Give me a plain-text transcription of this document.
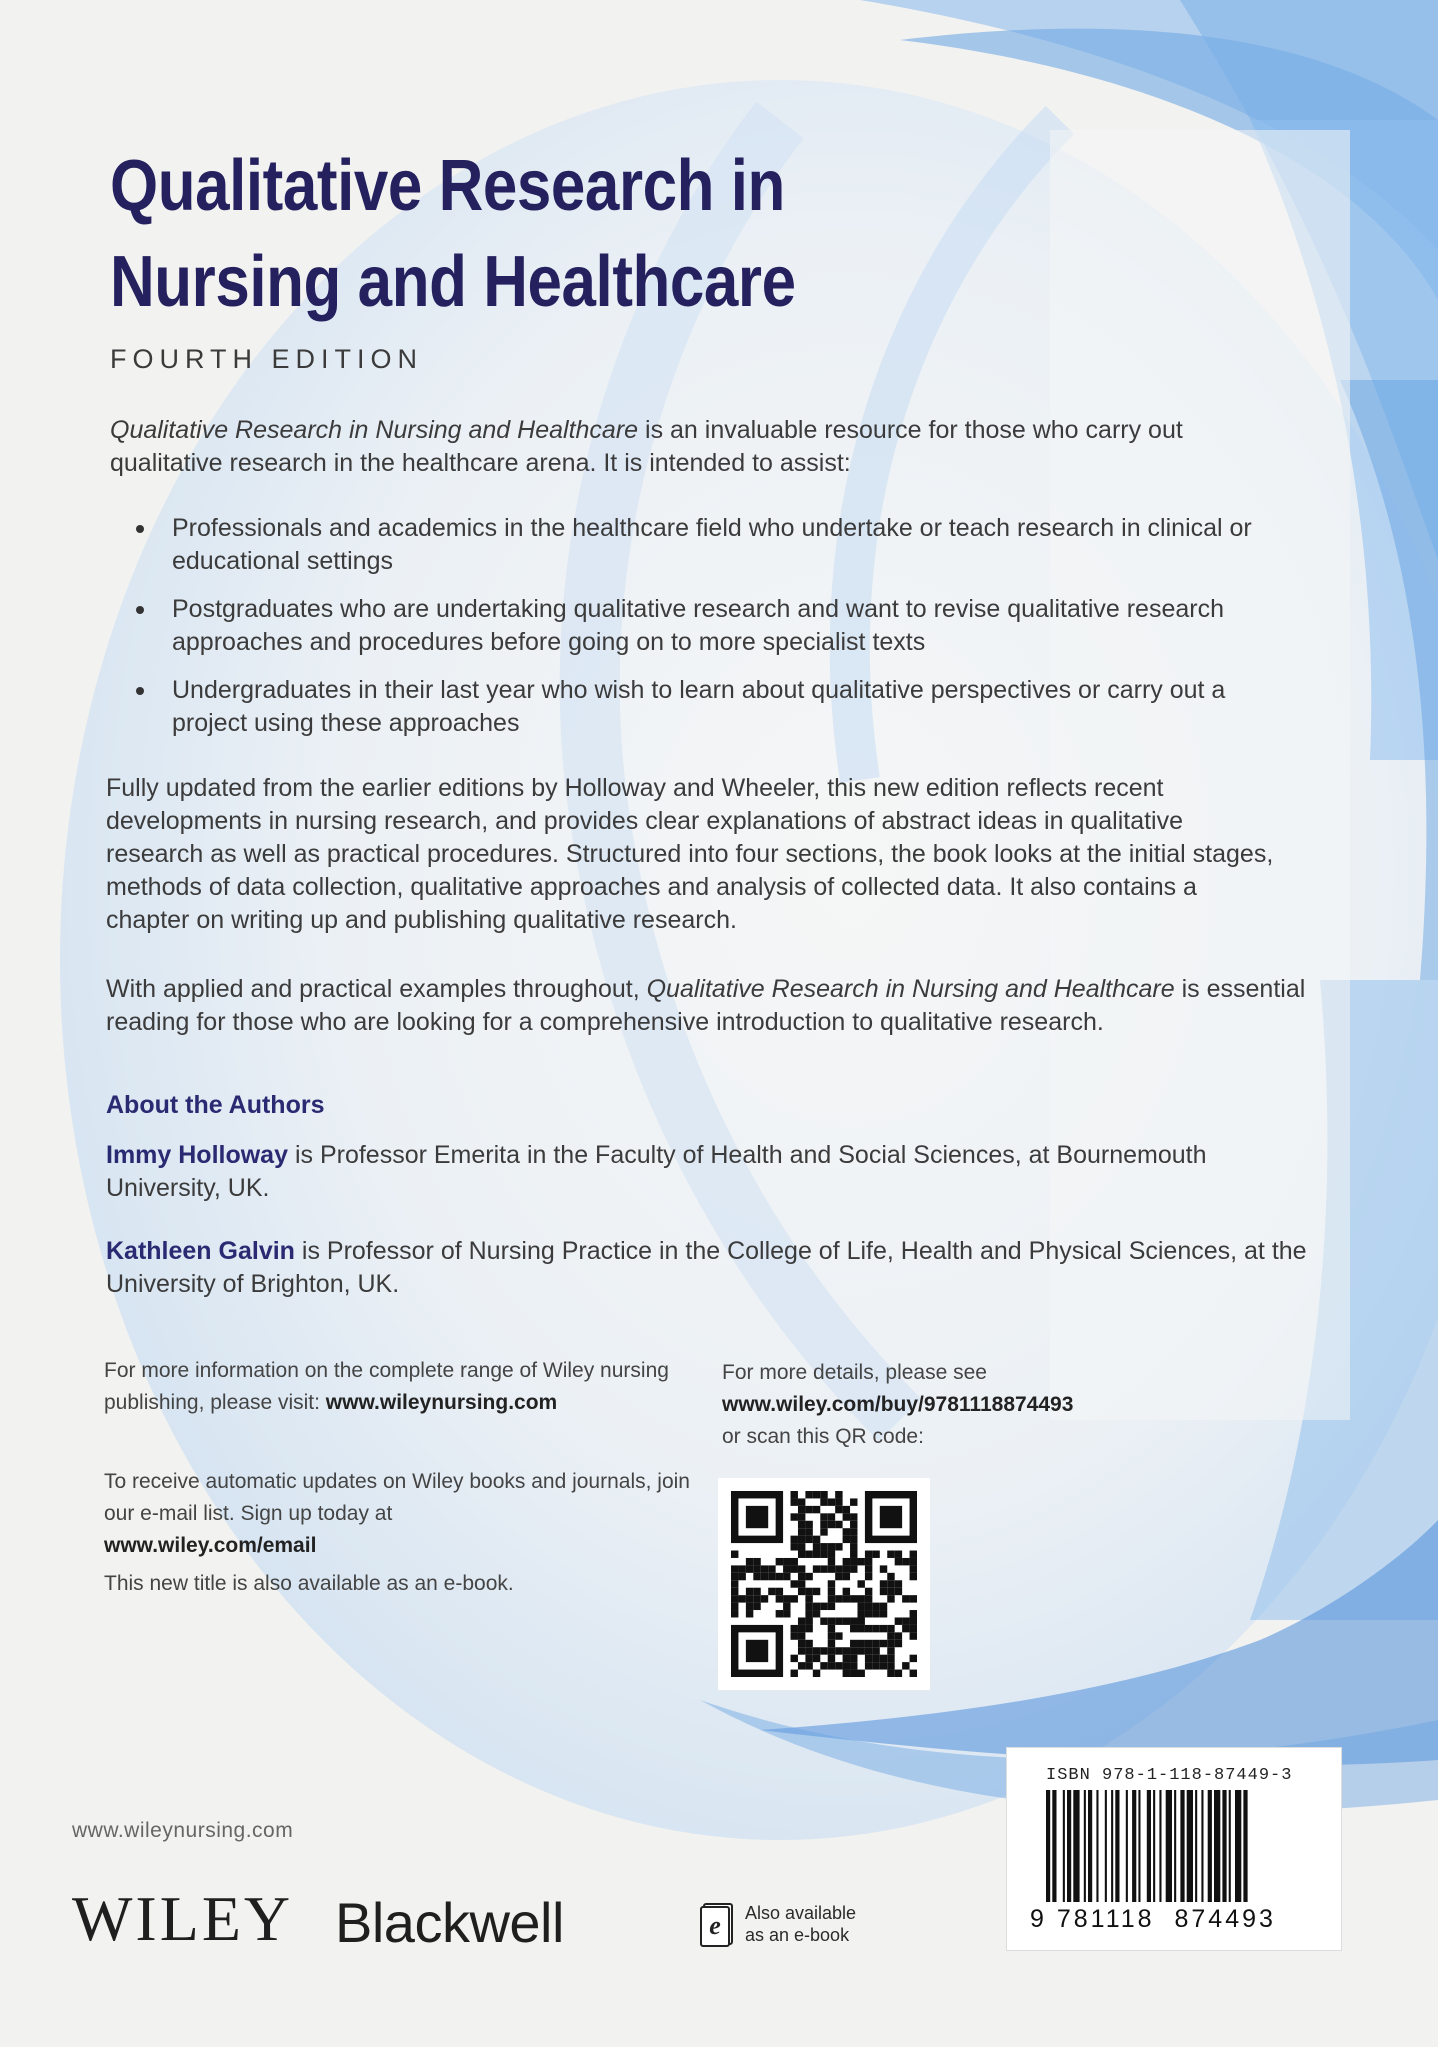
Qualitative Research in
Nursing and Healthcare
FOURTH EDITION
Qualitative Research in Nursing and Healthcare is an invaluable resource for those who carry out qualitative research in the healthcare arena. It is intended to assist:
Professionals and academics in the healthcare field who undertake or teach research in clinical or educational settings
Postgraduates who are undertaking qualitative research and want to revise qualitative research approaches and procedures before going on to more specialist texts
Undergraduates in their last year who wish to learn about qualitative perspectives or carry out a project using these approaches

Fully updated from the earlier editions by Holloway and Wheeler, this new edition reflects recent developments in nursing research, and provides clear explanations of abstract ideas in qualitative research as well as practical procedures. Structured into four sections, the book looks at the initial stages, methods of data collection, qualitative approaches and analysis of collected data. It also contains a chapter on writing up and publishing qualitative research.

With applied and practical examples throughout, Qualitative Research in Nursing and Healthcare is essential reading for those who are looking for a comprehensive introduction to qualitative research.

About the Authors
Immy Holloway is Professor Emerita in the Faculty of Health and Social Sciences, at Bournemouth University, UK.
Kathleen Galvin is Professor of Nursing Practice in the College of Life, Health and Physical Sciences, at the University of Brighton, UK.
For more information on the complete range of Wiley nursing publishing, please visit: www.wileynursing.com
To receive automatic updates on Wiley books and journals, join our e-mail list. Sign up today at
www.wiley.com/email
This new title is also available as an e-book.
For more details, please see
www.wiley.com/buy/9781118874493
or scan this QR code:
ISBN 978-1-118-87449-3
9 781118 874493
www.wileynursing.com
WILEY Blackwell	e Also available
as an e-book
